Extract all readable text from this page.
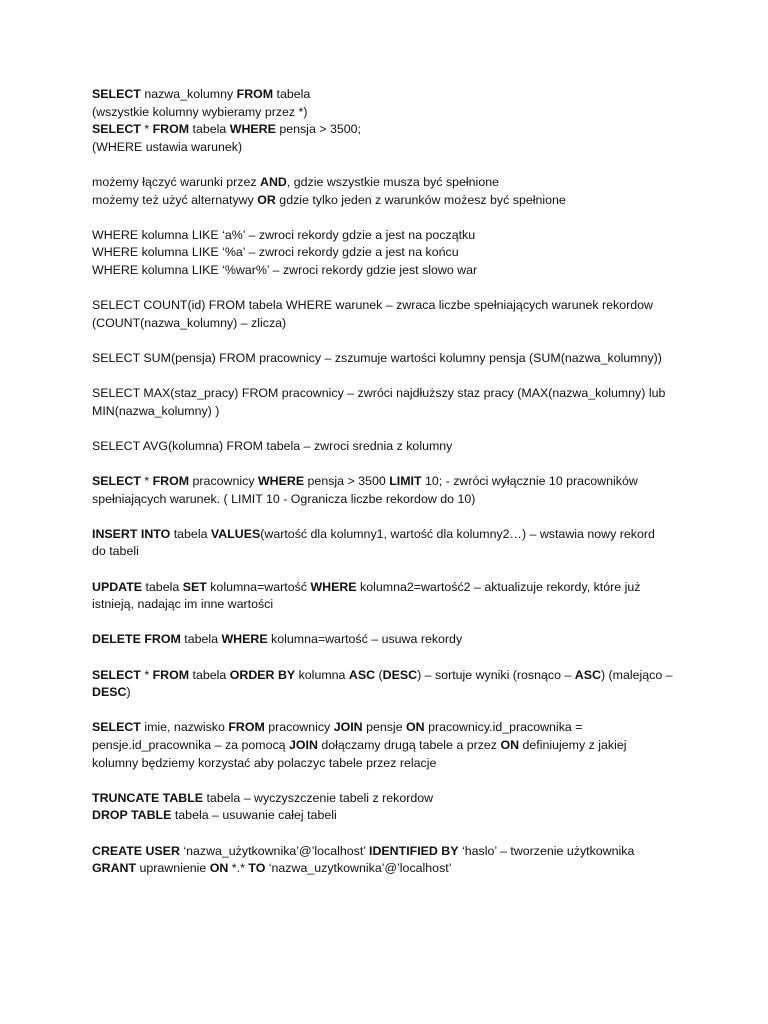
SELECT nazwa_kolumny FROM tabela
(wszystkie kolumny wybieramy przez *)
SELECT * FROM tabela WHERE pensja > 3500;
(WHERE ustawia warunek)
możemy łączyć warunki przez AND, gdzie wszystkie musza być spełnione
możemy też użyć alternatywy OR gdzie tylko jeden z warunków możesz być spełnione
WHERE kolumna LIKE ‘a%’ – zwroci rekordy gdzie a jest na początku
WHERE kolumna LIKE ‘%a’ – zwroci rekordy gdzie a jest na końcu
WHERE kolumna LIKE ‘%war%’ – zwroci rekordy gdzie jest slowo war
SELECT COUNT(id) FROM tabela WHERE warunek – zwraca liczbe spełniających warunek rekordow
(COUNT(nazwa_kolumny) – zlicza)
SELECT SUM(pensja) FROM pracownicy – zszumuje wartości kolumny pensja (SUM(nazwa_kolumny))
SELECT MAX(staz_pracy) FROM pracownicy – zwróci najdłuższy staz pracy (MAX(nazwa_kolumny) lub
MIN(nazwa_kolumny) )
SELECT AVG(kolumna) FROM tabela – zwroci srednia z kolumny
SELECT * FROM pracownicy WHERE pensja > 3500 LIMIT 10; - zwróci wyłącznie 10 pracowników
spełniających warunek. ( LIMIT 10 - Ogranicza liczbe rekordow do 10)
INSERT INTO tabela VALUES(wartość dla kolumny1, wartość dla kolumny2…) – wstawia nowy rekord
do tabeli
UPDATE tabela SET kolumna=wartość WHERE kolumna2=wartość2 – aktualizuje rekordy, które już
istnieją, nadając im inne wartości
DELETE FROM tabela WHERE kolumna=wartość – usuwa rekordy
SELECT * FROM tabela ORDER BY kolumna ASC (DESC) – sortuje wyniki (rosnąco – ASC) (malejąco –
DESC)
SELECT imie, nazwisko FROM pracownicy JOIN pensje ON pracownicy.id_pracownika =
pensje.id_pracownika – za pomocą JOIN dołączamy drugą tabele a przez ON definiujemy z jakiej
kolumny będziemy korzystać aby polaczyc tabele przez relacje
TRUNCATE TABLE tabela – wyczyszczenie tabeli z rekordow
DROP TABLE tabela – usuwanie całej tabeli
CREATE USER ‘nazwa_użytkownika’@’localhost’ IDENTIFIED BY ‘haslo’ – tworzenie użytkownika
GRANT uprawnienie ON *.* TO ‘nazwa_uzytkownika’@’localhost’
